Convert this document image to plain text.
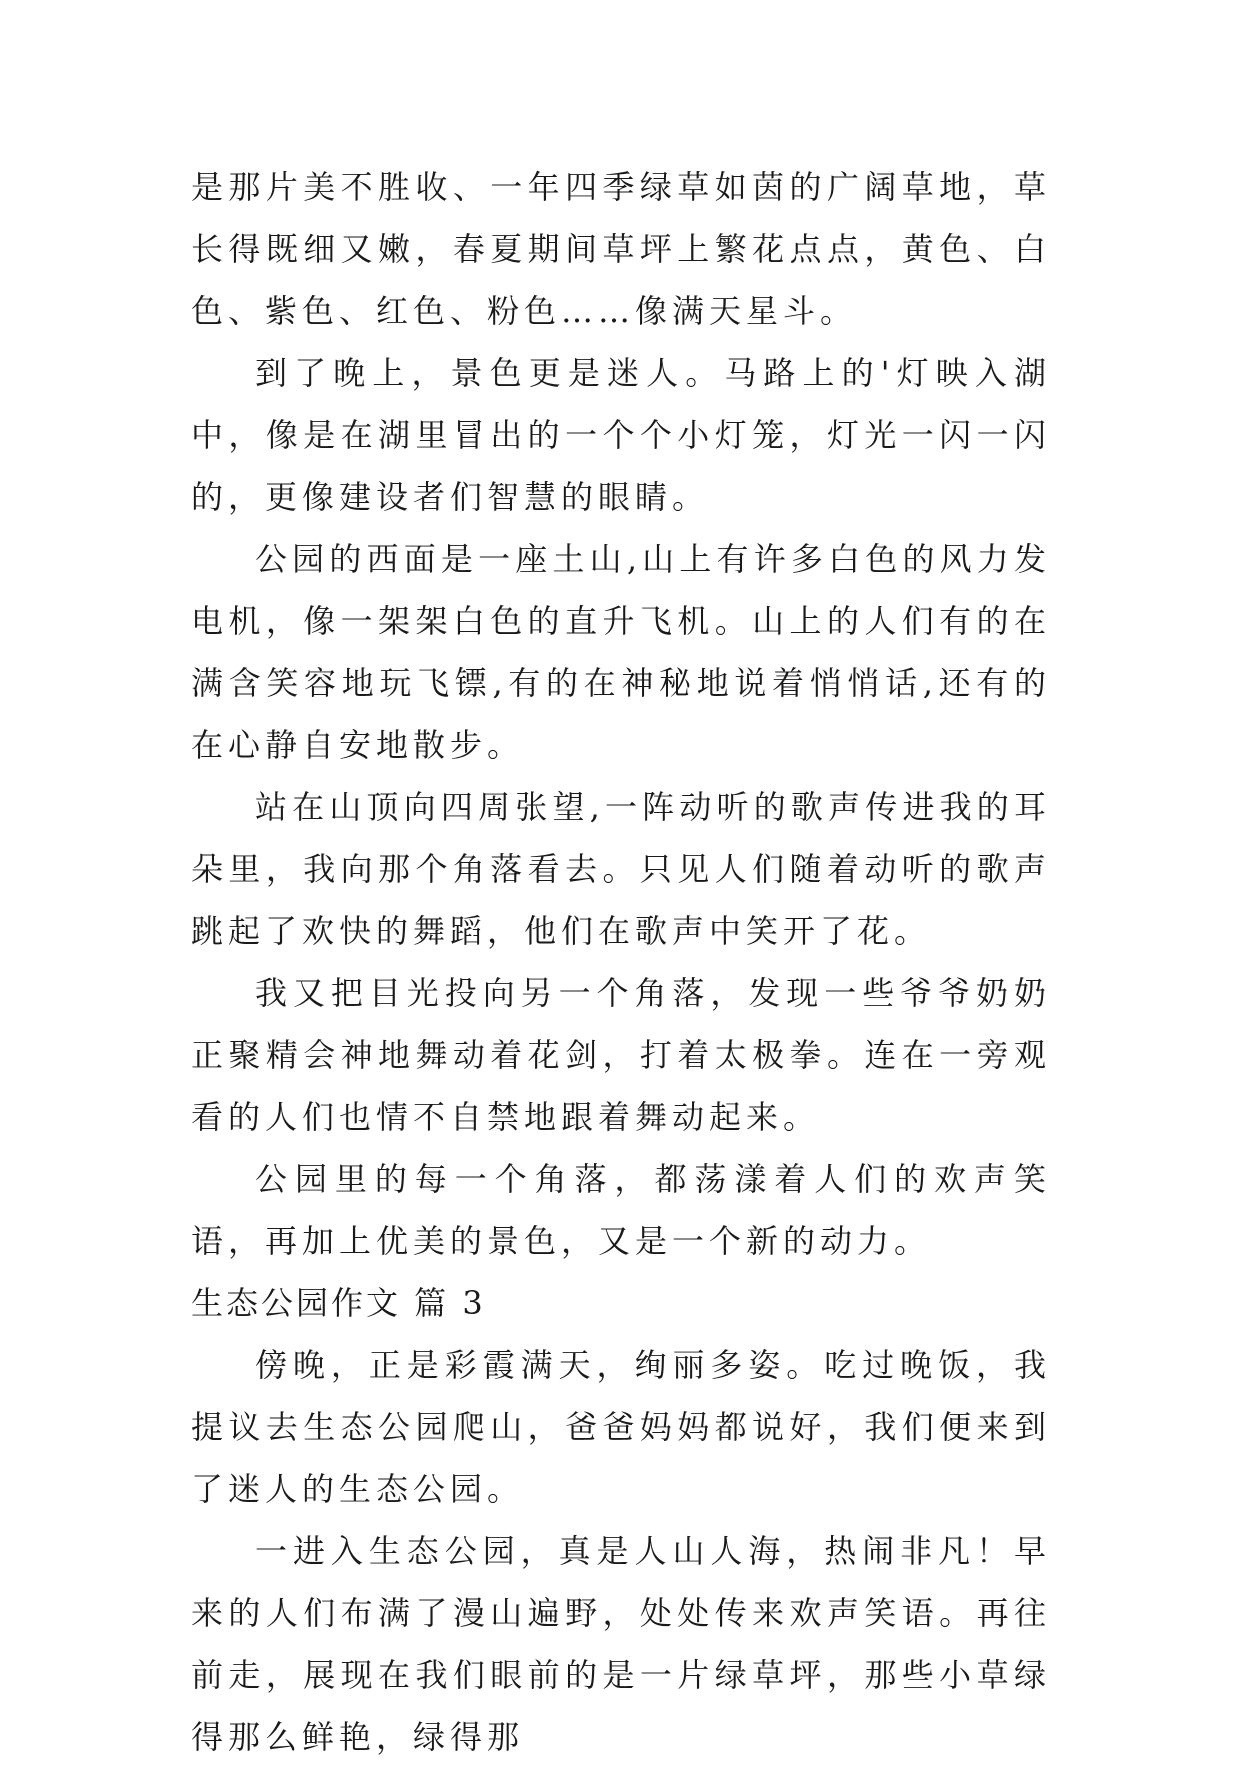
是那片美不胜收、一年四季绿草如茵的广阔草地，草长得既细又嫩，春夏期间草坪上繁花点点，黄色、白色、紫色、红色、粉色……像满天星斗。

到了晚上，景色更是迷人。马路上的'灯映入湖中，像是在湖里冒出的一个个小灯笼，灯光一闪一闪的，更像建设者们智慧的眼睛。

公园的西面是一座土山,山上有许多白色的风力发电机，像一架架白色的直升飞机。山上的人们有的在满含笑容地玩飞镖,有的在神秘地说着悄悄话,还有的在心静自安地散步。

站在山顶向四周张望,一阵动听的歌声传进我的耳朵里，我向那个角落看去。只见人们随着动听的歌声跳起了欢快的舞蹈，他们在歌声中笑开了花。

我又把目光投向另一个角落，发现一些爷爷奶奶正聚精会神地舞动着花剑，打着太极拳。连在一旁观看的人们也情不自禁地跟着舞动起来。

公园里的每一个角落，都荡漾着人们的欢声笑语，再加上优美的景色，又是一个新的动力。

生态公园作文 篇 3

傍晚，正是彩霞满天，绚丽多姿。吃过晚饭，我提议去生态公园爬山，爸爸妈妈都说好，我们便来到了迷人的生态公园。

一进入生态公园，真是人山人海，热闹非凡！早来的人们布满了漫山遍野，处处传来欢声笑语。再往前走，展现在我们眼前的是一片绿草坪，那些小草绿得那么鲜艳，绿得那
